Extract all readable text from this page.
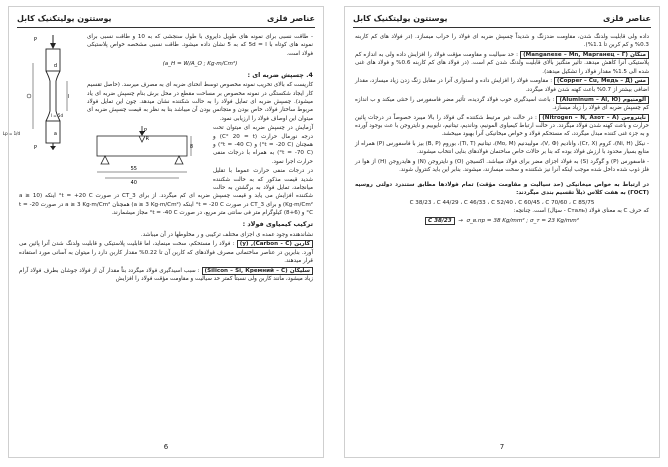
عناصر فلزی
یوستتون یولیتکنیک کابل
P
P
l
d
a
l = 5d
Lp = 1/d

- طاقت نسبی برای نمونه های طویل دایروی با طول سنجشی که به 10 و طاقت نسبی برای نمونه های کوتاه با 5d = l که به 5 نشان داده میشود. طاقت نسبی مشخصه خواص پلاستیکی فولاد است.

(a_H = W/A_O ; Kg·m/Cm²)
4. چسپش ضربه ای :

کاریست که بالای تخریب نمونه مخصوص توسط انحنای ضربه ای به مصرف میرسد. (حاصل تقسیم کار ایجاد شکستگی در نمونه مخصوص بر مساحت مقطع در محل برش بنام چسپش ضربه ای یاد میشود). چسپش ضربه ای تمایل فولاد را به حالت شکننده نشان میدهد. چون این تمایل فولاد مربوط ساختار فولاد، خاص بودن و متجانس بودن آن میباشد بنا به نظر به قیمت چسپش ضربه ای میتوان این اوصاف فولاد را ارزیابی نمود.

8
55
40
R
P	آزمایش در چسپش ضربه ای میتوان تحت درجه نورمال حرارت (C° 20 = t) و همچنان (t = -20 C°) و (t = -40 C°) و (t = -70 C°) به همراه با درجات منفی حرارت اجرا نمود.

در درجات منفی حرارت عموما با تقلیل شدید قیمت مذکور که به حالت شکننده میانجامد، تمایل فولاد به برگشتن به حالت شکننده افزایش می یابد و قیمت چسپش ضربه ای کم میگردد. از برای CT_3 در صورت t = +20 C° اینکه (a ≥ 10 Kg·m/Cm²) و برای CT_3 در صورت t = -20 C° اینکه (a ≥ 3 Kg·m/Cm²) همچنان a ≥ 3 Kg·m/Cm² در صورت t = -20 C° و (6+8) کیلوگرام متر فی سانتی متر مربع، در صورت t = -40 C° مجاز میشمارند.

ترکیب کیمیاوی فولاد :

نشاندهنده وجود عمده ی اجزای مختلف ترکیبی و ر مخلوطها در آن میباشد.

کاربن (Carbon - C), (y) : فولاد را مستحکم، سخت مینماید، اما قابلیت پلاستیکی و قابلیت ولدنگ شدن آنرا پائین می آورد. بنابرین در عناصر ساختمانی مصرف فولادهای که کاربن آن تا 0.22% مقدار کاربن دارد را میتوان به آسانی مورد استفاده قرار میدهند.

سلیکان (Silicon – Si, Кремний – C) : سبب اسیدگیری فولاد میگردد بناً مقدار آن از فولاد جوشان بطرف فولاد آرام زیاد میشود، مانند کاربن ولی نسبتاً کمتر حد سیالیت و مقاومت مؤقت فولاد را افزایش

6
عناصر فلزی
یوستتون یولیتکنیک کابل

داده ولی قابلیت ولدنگ شدن، مقاومت ضدزنگ و شدیداً چسپش ضربه ای فولاد را خراب میسازد. (در فولاد های کم کاربنه 0.3% و کم کربن تا 1.1%).

منگان (Manganese – Mn, Марганец – Г) : حد سیالیت و مقاومت مؤقت فولاد را افزایش داده ولی به اندازه کم پلاستیکی آنرا کاهش میدهد. تأثیر منگنیز بالای قابلیت ولدنگ شدن کم است. (در فولاد های کم کاربنه 0.6% و فولاد های غنی شده الی 1.5% مقدار فولاد را تشکیل میدهد).

مس (Copper – Cu, Медь – Д) : مقاومت فولاد را افزایش داده و استواری آنرا در مقابل زنگ زدن زیاد میسازد، مقدار اضافی بیشتر از 0.7% باعث کهنه شدن فولاد میگردد.

آلومنیوم (Aluminum – Al, Ю) : باعث اسیدگیری خوب فولاد گردیده، تأثیر مضر فاسفورس را خنثی میکند و ب اندازه کم چسپش ضربه ای فولاد را زیاد میسازد.

نایتروجن (Nitrogen – N, Азот – А) : در حالت غیر مرتبط شکننده گی فولاد را بالا میبرد خصوصاً در درجات پائین حرارت و باعث کهنه شدن فولاد میگردد. در حالت ارتباط کیمیاوی المونیم، وناندیم، تیتانیم، نایوبیم و نایتروجن با عث بوجود آورده و به جزء غنی کننده مبدل میگردد، که مستحکم فولاد و خواص میخانیکی آنرا بهبود میبخشد.

- نیکل (Ni, H)، کروم (Cr, X)، وانادیم (V, Ф)، مولیبدنیم (Mo, M)، تیتانیم (Ti, T)، بوروم (B, P) بیز با فاسفورس (P) همراه از منابع بسیار محدود با ارزش فولاد بوده که بنا بر حالات خاص ساختمان فولادهای بنایی انتخاب میشوند.

- فاسفورس (P) و گوگرد (S) به فولاد اجزای مضر برای فولاد میباشد. اکسیجن (O) و نایتروجن (N) و هایدروجن (H) از هوا در فلز ذوب شده داخل شده موجب اینکه آنرا نیز شکننده و سخت میسازند، میشوند. بنابر این باید کنترول شوند.

در ارتباط به خواص میخانیکی (حد سیالیت و مقاومت مؤقت) تمام فولادها مطابق ستندرد دولتی روسیه (ГОСТ) به هفت کلاس ذیلاً تقسیم بندی میگردند:

C 38/23 ، C 44/29 ، C 46/33 ، C 52/40 ، C 60/45 ، C 70/60 ، C 85/75

که حرف C به معنای فولاد (Сталь - سټال) است. چنانچه:

C 38/23  →  σ_в.пр = 38 Kg/mm² ; σ_т = 23 Kg/mm²
7
